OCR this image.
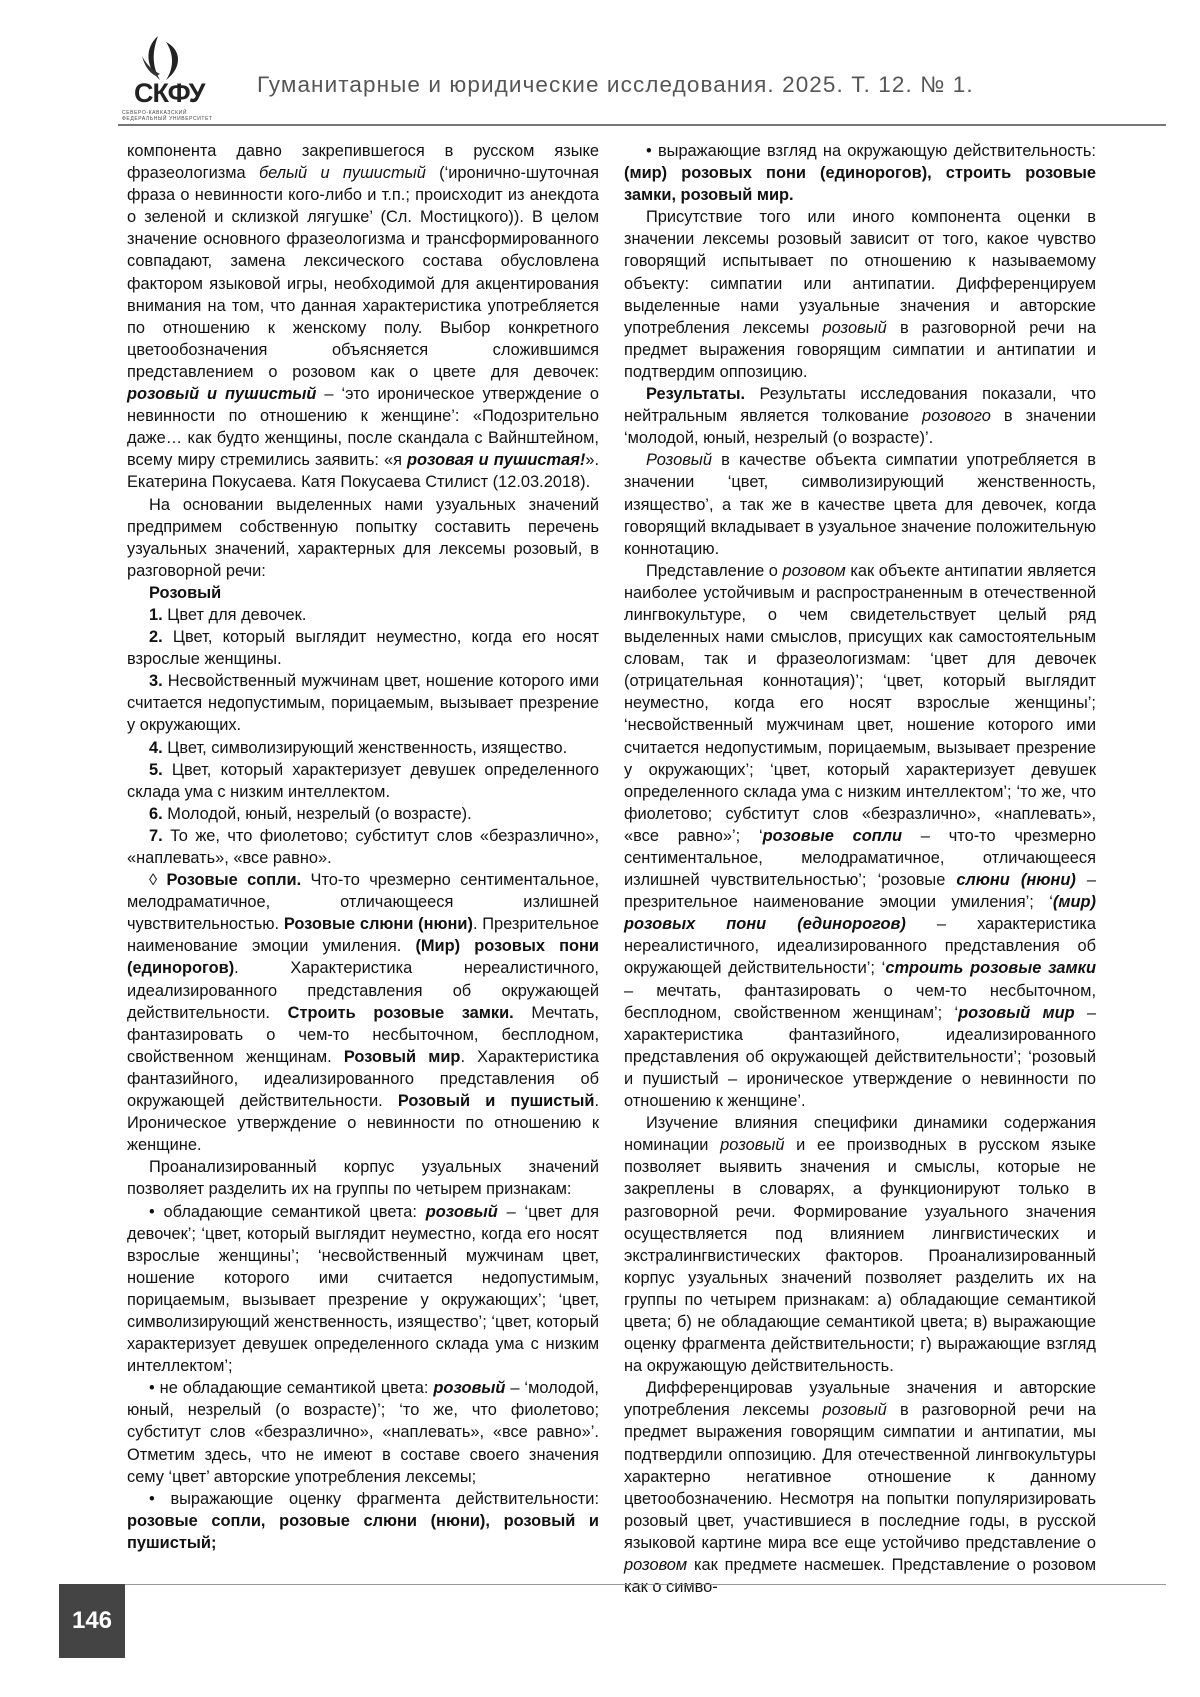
СКФУ
СЕВЕРО-КАВКАЗСКИЙ ФЕДЕРАЛЬНЫЙ УНИВЕРСИТЕТ
Гуманитарные и юридические исследования. 2025. Т. 12. № 1.

компонента давно закрепившегося в русском языке фразеологизма белый и пушистый (‘иронично-шуточная фраза о невинности кого-либо и т.п.; происходит из анекдота о зеленой и склизкой лягушке’ (Сл. Мостицкого)). В целом значение основного фразеологизма и трансформированного совпадают, замена лексического состава обусловлена фактором языковой игры, необходимой для акцентирования внимания на том, что данная характеристика употребляется по отношению к женскому полу. Выбор конкретного цветообозначения объясняется сложившимся представлением о розовом как о цвете для девочек: розовый и пушистый – ‘это ироническое утверждение о невинности по отношению к женщине’: «Подозрительно даже… как будто женщины, после скандала с Вайнштейном, всему миру стремились заявить: «я розовая и пушистая!». Екатерина Покусаева. Катя Покусаева Стилист (12.03.2018).

На основании выделенных нами узуальных значений предпримем собственную попытку составить перечень узуальных значений, характерных для лексемы розовый, в разговорной речи:

Розовый

1. Цвет для девочек.

2. Цвет, который выглядит неуместно, когда его носят взрослые женщины.

3. Несвойственный мужчинам цвет, ношение которого ими считается недопустимым, порицаемым, вызывает презрение у окружающих.

4. Цвет, символизирующий женственность, изящество.

5. Цвет, который характеризует девушек определенного склада ума с низким интеллектом.

6. Молодой, юный, незрелый (о возрасте).

7. То же, что фиолетово; субститут слов «безразлично», «наплевать», «все равно».

◊ Розовые сопли. Что-то чрезмерно сентиментальное, мелодраматичное, отличающееся излишней чувствительностью. Розовые слюни (нюни). Презрительное наименование эмоции умиления. (Мир) розовых пони (единорогов). Характеристика нереалистичного, идеализированного представления об окружающей действительности. Строить розовые замки. Мечтать, фантазировать о чем-то несбыточном, бесплодном, свойственном женщинам. Розовый мир. Характеристика фантазийного, идеализированного представления об окружающей действительности. Розовый и пушистый. Ироническое утверждение о невинности по отношению к женщине.

Проанализированный корпус узуальных значений позволяет разделить их на группы по четырем признакам:

• обладающие семантикой цвета: розовый – ‘цвет для девочек’; ‘цвет, который выглядит неуместно, когда его носят взрослые женщины’; ‘несвойственный мужчинам цвет, ношение которого ими считается недопустимым, порицаемым, вызывает презрение у окружающих’; ‘цвет, символизирующий женственность, изящество’; ‘цвет, который характеризует девушек определенного склада ума с низким интеллектом’;

• не обладающие семантикой цвета: розовый – ‘молодой, юный, незрелый (о возрасте)’; ‘то же, что фиолетово; субститут слов «безразлично», «наплевать», «все равно»’. Отметим здесь, что не имеют в составе своего значения сему ‘цвет’ авторские употребления лексемы;

• выражающие оценку фрагмента действительности: розовые сопли, розовые слюни (нюни), розовый и пушистый;

• выражающие взгляд на окружающую действительность: (мир) розовых пони (единорогов), строить розовые замки, розовый мир.

Присутствие того или иного компонента оценки в значении лексемы розовый зависит от того, какое чувство говорящий испытывает по отношению к называемому объекту: симпатии или антипатии. Дифференцируем выделенные нами узуальные значения и авторские употребления лексемы розовый в разговорной речи на предмет выражения говорящим симпатии и антипатии и подтвердим оппозицию.

Результаты. Результаты исследования показали, что нейтральным является толкование розового в значении ‘молодой, юный, незрелый (о возрасте)’.

Розовый в качестве объекта симпатии употребляется в значении ‘цвет, символизирующий женственность, изящество’, а так же в качестве цвета для девочек, когда говорящий вкладывает в узуальное значение положительную коннотацию.

Представление о розовом как объекте антипатии является наиболее устойчивым и распространенным в отечественной лингвокультуре, о чем свидетельствует целый ряд выделенных нами смыслов, присущих как самостоятельным словам, так и фразеологизмам: ‘цвет для девочек (отрицательная коннотация)’; ‘цвет, который выглядит неуместно, когда его носят взрослые женщины’; ‘несвойственный мужчинам цвет, ношение которого ими считается недопустимым, порицаемым, вызывает презрение у окружающих’; ‘цвет, который характеризует девушек определенного склада ума с низким интеллектом’; ‘то же, что фиолетово; субститут слов «безразлично», «наплевать», «все равно»’; ‘розовые сопли – что-то чрезмерно сентиментальное, мелодраматичное, отличающееся излишней чувствительностью’; ‘розовые слюни (нюни) – презрительное наименование эмоции умиления’; ‘(мир) розовых пони (единорогов) – характеристика нереалистичного, идеализированного представления об окружающей действительности’; ‘строить розовые замки – мечтать, фантазировать о чем-то несбыточном, бесплодном, свойственном женщинам’; ‘розовый мир – характеристика фантазийного, идеализированного представления об окружающей действительности’; ‘розовый и пушистый – ироническое утверждение о невинности по отношению к женщине’.

Изучение влияния специфики динамики содержания номинации розовый и ее производных в русском языке позволяет выявить значения и смыслы, которые не закреплены в словарях, а функционируют только в разговорной речи. Формирование узуального значения осуществляется под влиянием лингвистических и экстралингвистических факторов. Проанализированный корпус узуальных значений позволяет разделить их на группы по четырем признакам: а) обладающие семантикой цвета; б) не обладающие семантикой цвета; в) выражающие оценку фрагмента действительности; г) выражающие взгляд на окружающую действительность.

Дифференцировав узуальные значения и авторские употребления лексемы розовый в разговорной речи на предмет выражения говорящим симпатии и антипатии, мы подтвердили оппозицию. Для отечественной лингвокультуры характерно негативное отношение к данному цветообозначению. Несмотря на попытки популяризировать розовый цвет, участившиеся в последние годы, в русской языковой картине мира все еще устойчиво представление о розовом как предмете насмешек. Представление о розовом как о симво-

146
